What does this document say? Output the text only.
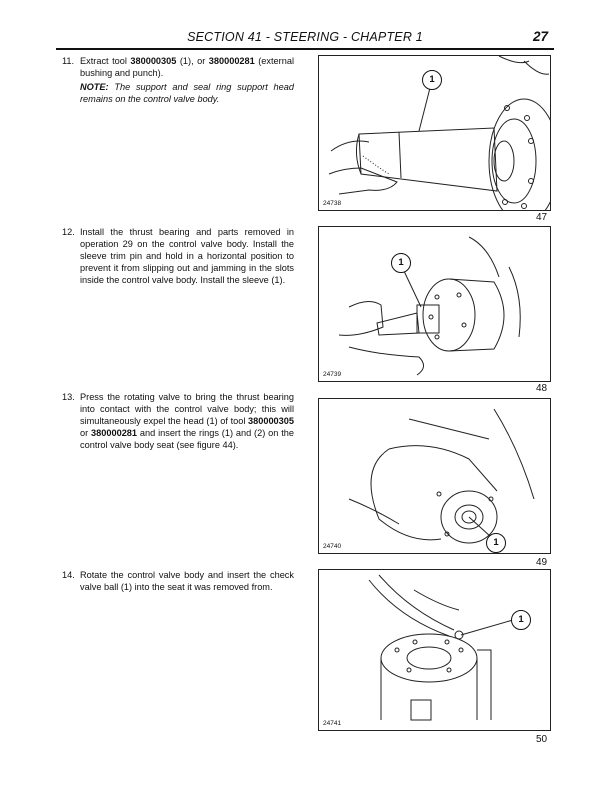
SECTION 41 - STEERING - CHAPTER 1	27
11. Extract tool 380000305 (1), or 380000281 (external bushing and punch).
NOTE: The support and seal ring support head remains on the control valve body.
12. Install the thrust bearing and parts removed in operation 29 on the control valve body. Install the sleeve trim pin and hold in a horizontal position to prevent it from slipping out and jamming in the slots inside the control valve body. Install the sleeve (1).
13. Press the rotating valve to bring the thrust bearing into contact with the control valve body; this will simultaneously expel the head (1) of tool 380000305 or 380000281 and insert the rings (1) and (2) on the control valve body seat (see figure 44).
14. Rotate the control valve body and insert the check valve ball (1) into the seat it was removed from.
1
24738
47
1
24739
48
1
24740
49
1
24741
50
